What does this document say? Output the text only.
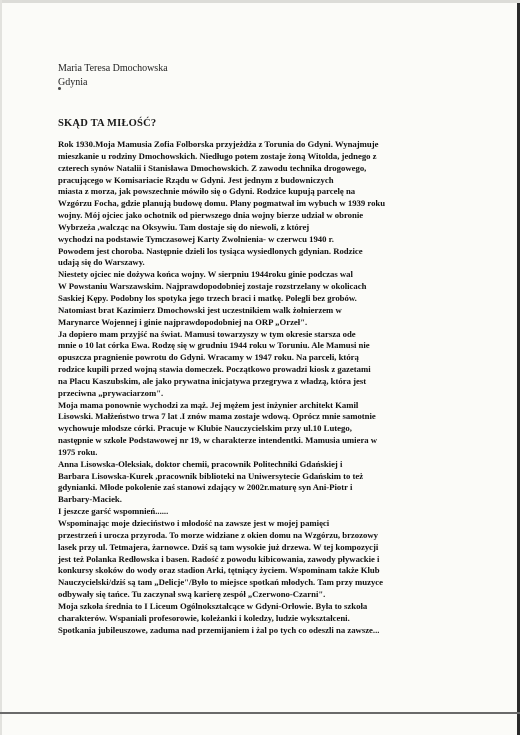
Maria Teresa Dmochowska
Gdynia
SKĄD TA MIŁOŚĆ?
Rok 1930.Moja Mamusia Zofia Folborska przyjeżdża z Torunia do Gdyni. Wynajmuje
mieszkanie u rodziny Dmochowskich. Niedługo potem zostaje żoną Witolda, jednego z
czterech synów Natalii i Stanisława Dmochowskich. Z zawodu technika drogowego,
pracującego w Komisariacie Rządu w Gdyni. Jest jednym z budowniczych
miasta z morza, jak powszechnie mówiło się o Gdyni. Rodzice kupują parcelę na
Wzgórzu Focha, gdzie planują budowę domu. Plany pogmatwał im wybuch w 1939 roku
wojny. Mój ojciec jako ochotnik od pierwszego dnia wojny bierze udział w obronie
Wybrzeża ,walcząc na Oksywiu. Tam dostaje się do niewoli, z której
wychodzi na podstawie Tymczasowej Karty Zwolnienia- w czerwcu 1940 r.
Powodem jest choroba. Następnie dzieli los tysiąca wysiedlonych gdynian. Rodzice
udają się do Warszawy.
Niestety ojciec nie dożywa końca wojny. W sierpniu 1944roku ginie podczas wal
W Powstaniu Warszawskim. Najprawdopodobniej zostaje rozstrzelany w okolicach
Saskiej Kępy. Podobny los spotyka jego trzech braci i matkę. Polegli bez grobów.
Natomiast brat Kazimierz Dmochowski jest uczestnikiem walk żołnierzem w
Marynarce Wojennej i ginie najprawdopodobniej na ORP „Orzeł".
Ja dopiero mam przyjść na świat. Mamusi towarzyszy w tym okresie starsza ode
mnie o 10 lat córka Ewa. Rodzę się w grudniu 1944 roku w Toruniu. Ale Mamusi nie
opuszcza pragnienie powrotu do Gdyni. Wracamy w 1947 roku. Na parceli, którą
rodzice kupili przed wojną stawia domeczek. Początkowo prowadzi kiosk z gazetami
na Placu Kaszubskim, ale jako prywatna inicjatywa przegrywa z władzą, która jest
przeciwna „prywaciarzom".
Moja mama ponownie wychodzi za mąż. Jej mężem jest inżynier architekt Kamil
Lisowski. Małżeństwo trwa 7 lat .I znów mama zostaje wdową. Oprócz mnie samotnie
wychowuje młodsze córki. Pracuje w Klubie Nauczycielskim przy ul.10 Lutego,
następnie w szkole Podstawowej nr 19, w charakterze intendentki. Mamusia umiera w
1975 roku.
Anna Lisowska-Oleksiak, doktor chemii, pracownik Politechniki Gdańskiej i
Barbara Lisowska-Kurek ,pracownik biblioteki na Uniwersytecie Gdańskim to też
gdynianki. Młode pokolenie zaś stanowi zdający w 2002r.maturę syn Ani-Piotr i
Barbary-Maciek.
I jeszcze garść wspomnień......
Wspominając moje dzieciństwo i młodość na zawsze jest w mojej pamięci
przestrzeń i urocza przyroda. To morze widziane z okien domu na Wzgórzu, brzozowy
lasek przy ul. Tetmajera, żarnowce. Dziś są tam wysokie już drzewa. W tej kompozycji
jest też Polanka Redłowska i basen. Radość z powodu kibicowania, zawody pływackie i
konkursy skoków do wody oraz stadion Arki, tętniący życiem. Wspominam także Klub
Nauczycielski/dziś są tam „Delicje"/Było to miejsce spotkań młodych. Tam przy muzyce
odbywały się tańce. Tu zaczynał swą karierę zespół „Czerwono-Czarni".
Moja szkoła średnia to I Liceum Ogólnokształcące w Gdyni-Orłowie. Była to szkoła
charakterów. Wspaniali profesorowie, koleżanki i koledzy, ludzie wykształceni.
Spotkania jubileuszowe, zaduma nad przemijaniem i żal po tych co odeszli na zawsze...
